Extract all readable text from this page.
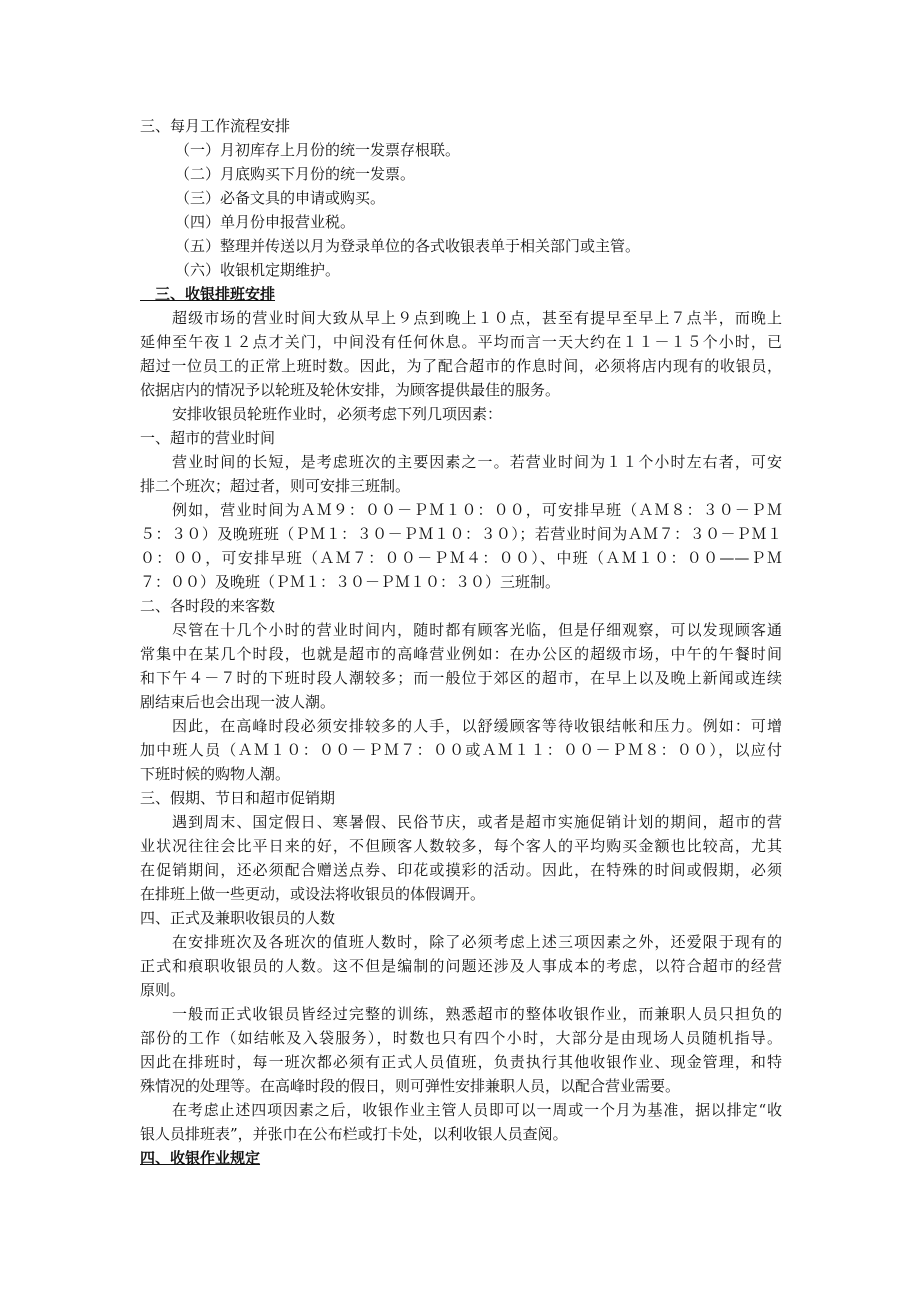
三、每月工作流程安排
（一）月初库存上月份的统一发票存根联。
（二）月底购买下月份的统一发票。
（三）必备文具的申请或购买。
（四）单月份申报营业税。
（五）整理并传送以月为登录单位的各式收银表单于相关部门或主管。
（六）收银机定期维护。
　三、收银排班安排
超级市场的营业时间大致从早上９点到晚上１０点，甚至有提早至早上７点半，而晚上
延伸至午夜１２点才关门，中间没有任何休息。平均而言一天大约在１１－１５个小时，已
超过一位员工的正常上班时数。因此，为了配合超市的作息时间，必须将店内现有的收银员，
依据店内的情况予以轮班及轮休安排，为顾客提供最佳的服务。
安排收银员轮班作业时，必须考虑下列几项因素：
一、超市的营业时间
营业时间的长短，是考虑班次的主要因素之一。若营业时间为１１个小时左右者，可安
排二个班次；超过者，则可安排三班制。
例如，营业时间为ＡＭ９：００－ＰＭ１０：００，可安排早班（ＡＭ８：３０－ＰＭ
５：３０）及晚班班（ＰＭ１：３０－ＰＭ１０：３０）；若营业时间为ＡＭ７：３０－ＰＭ１
０：００，可安排早班（ＡＭ７：００－ＰＭ４：００）、中班（ＡＭ１０：００——ＰＭ
７：００）及晚班（ＰＭ１：３０－ＰＭ１０：３０）三班制。
二、各时段的来客数
尽管在十几个小时的营业时间内，随时都有顾客光临，但是仔细观察，可以发现顾客通
常集中在某几个时段，也就是超市的高峰营业例如：在办公区的超级市场，中午的午餐时间
和下午４－７时的下班时段人潮较多；而一般位于郊区的超市，在早上以及晚上新闻或连续
剧结束后也会出现一波人潮。
因此，在高峰时段必须安排较多的人手，以舒缓顾客等待收银结帐和压力。例如：可增
加中班人员（ＡＭ１０：００－ＰＭ７：００或ＡＭ１１：００－ＰＭ８：００），以应付
下班时候的购物人潮。
三、假期、节日和超市促销期
遇到周末、国定假日、寒暑假、民俗节庆，或者是超市实施促销计划的期间，超市的营
业状况往往会比平日来的好，不但顾客人数较多，每个客人的平均购买金额也比较高，尤其
在促销期间，还必须配合赠送点券、印花或摸彩的活动。因此，在特殊的时间或假期，必须
在排班上做一些更动，或设法将收银员的体假调开。
四、正式及兼职收银员的人数
在安排班次及各班次的值班人数时，除了必须考虑上述三项因素之外，还爱限于现有的
正式和痕职收银员的人数。这不但是编制的问题还涉及人事成本的考虑，以符合超市的经营
原则。
一般而正式收银员皆经过完整的训练，熟悉超市的整体收银作业，而兼职人员只担负的
部份的工作（如结帐及入袋服务），时数也只有四个小时，大部分是由现场人员随机指导。
因此在排班时，每一班次都必须有正式人员值班，负责执行其他收银作业、现金管理，和特
殊情况的处理等。在高峰时段的假日，则可弹性安排兼职人员，以配合营业需要。
在考虑止述四项因素之后，收银作业主管人员即可以一周或一个月为基准，据以排定“收
银人员排班表”，并张巾在公布栏或打卡处，以利收银人员查阅。
四、收银作业规定
